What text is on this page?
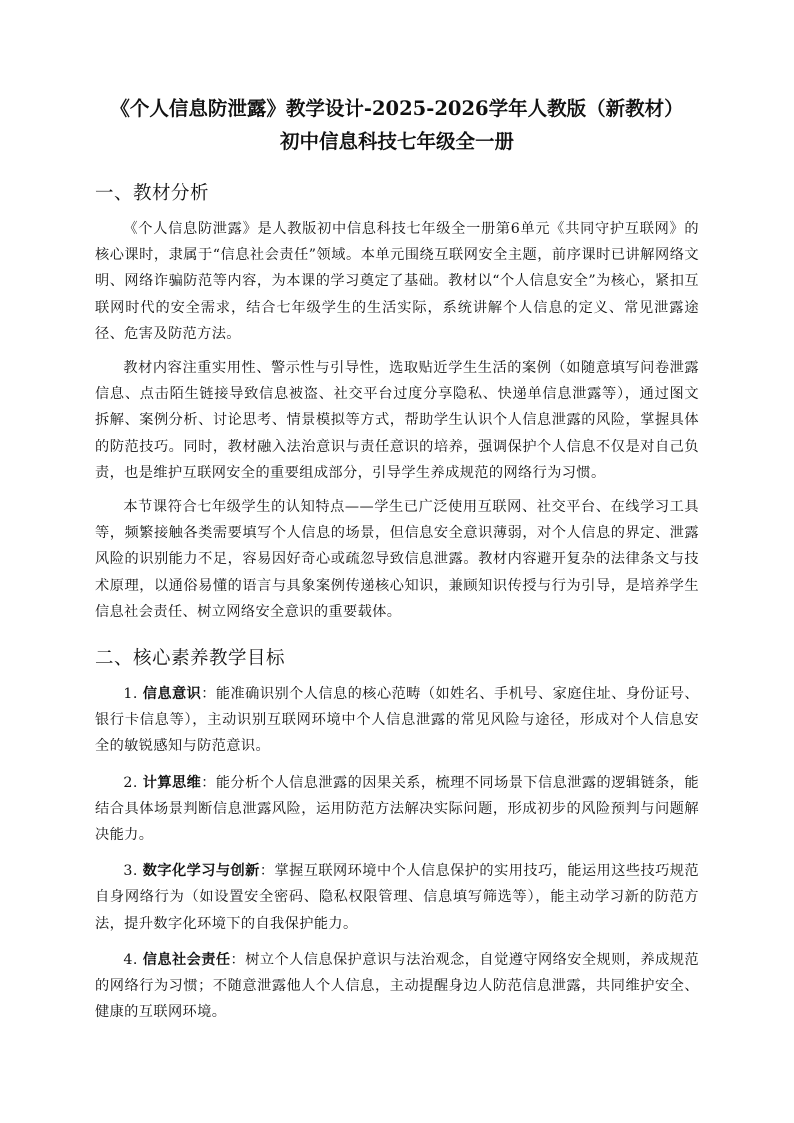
《个人信息防泄露》教学设计-2025-2026学年人教版（新教材）
初中信息科技七年级全一册
一、教材分析

《个人信息防泄露》是人教版初中信息科技七年级全一册第6单元《共同守护互联网》的核心课时，隶属于“信息社会责任”领域。本单元围绕互联网安全主题，前序课时已讲解网络文明、网络诈骗防范等内容，为本课的学习奠定了基础。教材以“个人信息安全”为核心，紧扣互联网时代的安全需求，结合七年级学生的生活实际，系统讲解个人信息的定义、常见泄露途径、危害及防范方法。

教材内容注重实用性、警示性与引导性，选取贴近学生生活的案例（如随意填写问卷泄露信息、点击陌生链接导致信息被盗、社交平台过度分享隐私、快递单信息泄露等），通过图文拆解、案例分析、讨论思考、情景模拟等方式，帮助学生认识个人信息泄露的风险，掌握具体的防范技巧。同时，教材融入法治意识与责任意识的培养，强调保护个人信息不仅是对自己负责，也是维护互联网安全的重要组成部分，引导学生养成规范的网络行为习惯。

本节课符合七年级学生的认知特点——学生已广泛使用互联网、社交平台、在线学习工具等，频繁接触各类需要填写个人信息的场景，但信息安全意识薄弱，对个人信息的界定、泄露风险的识别能力不足，容易因好奇心或疏忽导致信息泄露。教材内容避开复杂的法律条文与技术原理，以通俗易懂的语言与具象案例传递核心知识，兼顾知识传授与行为引导，是培养学生信息社会责任、树立网络安全意识的重要载体。

二、核心素养教学目标

1. 信息意识：能准确识别个人信息的核心范畴（如姓名、手机号、家庭住址、身份证号、银行卡信息等），主动识别互联网环境中个人信息泄露的常见风险与途径，形成对个人信息安全的敏锐感知与防范意识。

2. 计算思维：能分析个人信息泄露的因果关系，梳理不同场景下信息泄露的逻辑链条，能结合具体场景判断信息泄露风险，运用防范方法解决实际问题，形成初步的风险预判与问题解决能力。

3. 数字化学习与创新：掌握互联网环境中个人信息保护的实用技巧，能运用这些技巧规范自身网络行为（如设置安全密码、隐私权限管理、信息填写筛选等），能主动学习新的防范方法，提升数字化环境下的自我保护能力。

4. 信息社会责任：树立个人信息保护意识与法治观念，自觉遵守网络安全规则，养成规范的网络行为习惯；不随意泄露他人个人信息，主动提醒身边人防范信息泄露，共同维护安全、健康的互联网环境。
